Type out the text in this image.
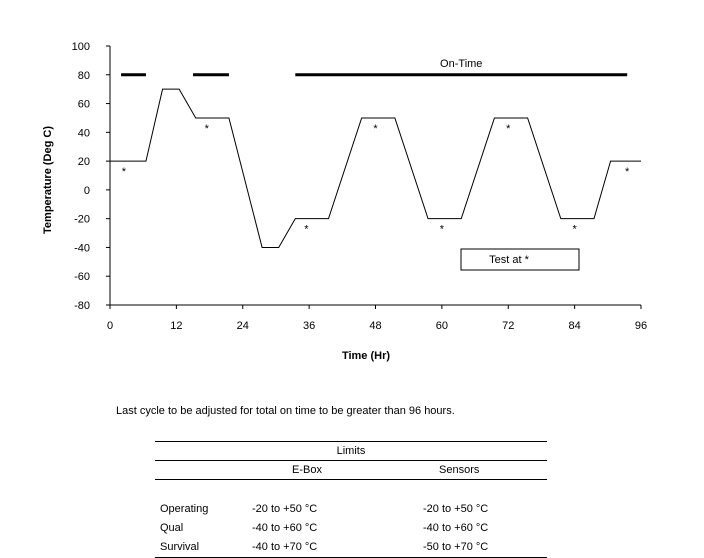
-80
-60
-40
-20
0
20
40
60
80
100
0	12	24	36	48	60	72	84	96
On-Time
*
*
*
*
*
*
*
*
Test at *
Time (Hr)
Temperature (Deg C)
Last cycle to be adjusted for total on time to be greater than 96 hours.
Limits
E-Box	Sensors
Operating	-20 to +50 °C	-20 to +50 °C
Qual	-40 to +60 °C	-40 to +60 °C
Survival	-40 to +70 °C	-50 to +70 °C
